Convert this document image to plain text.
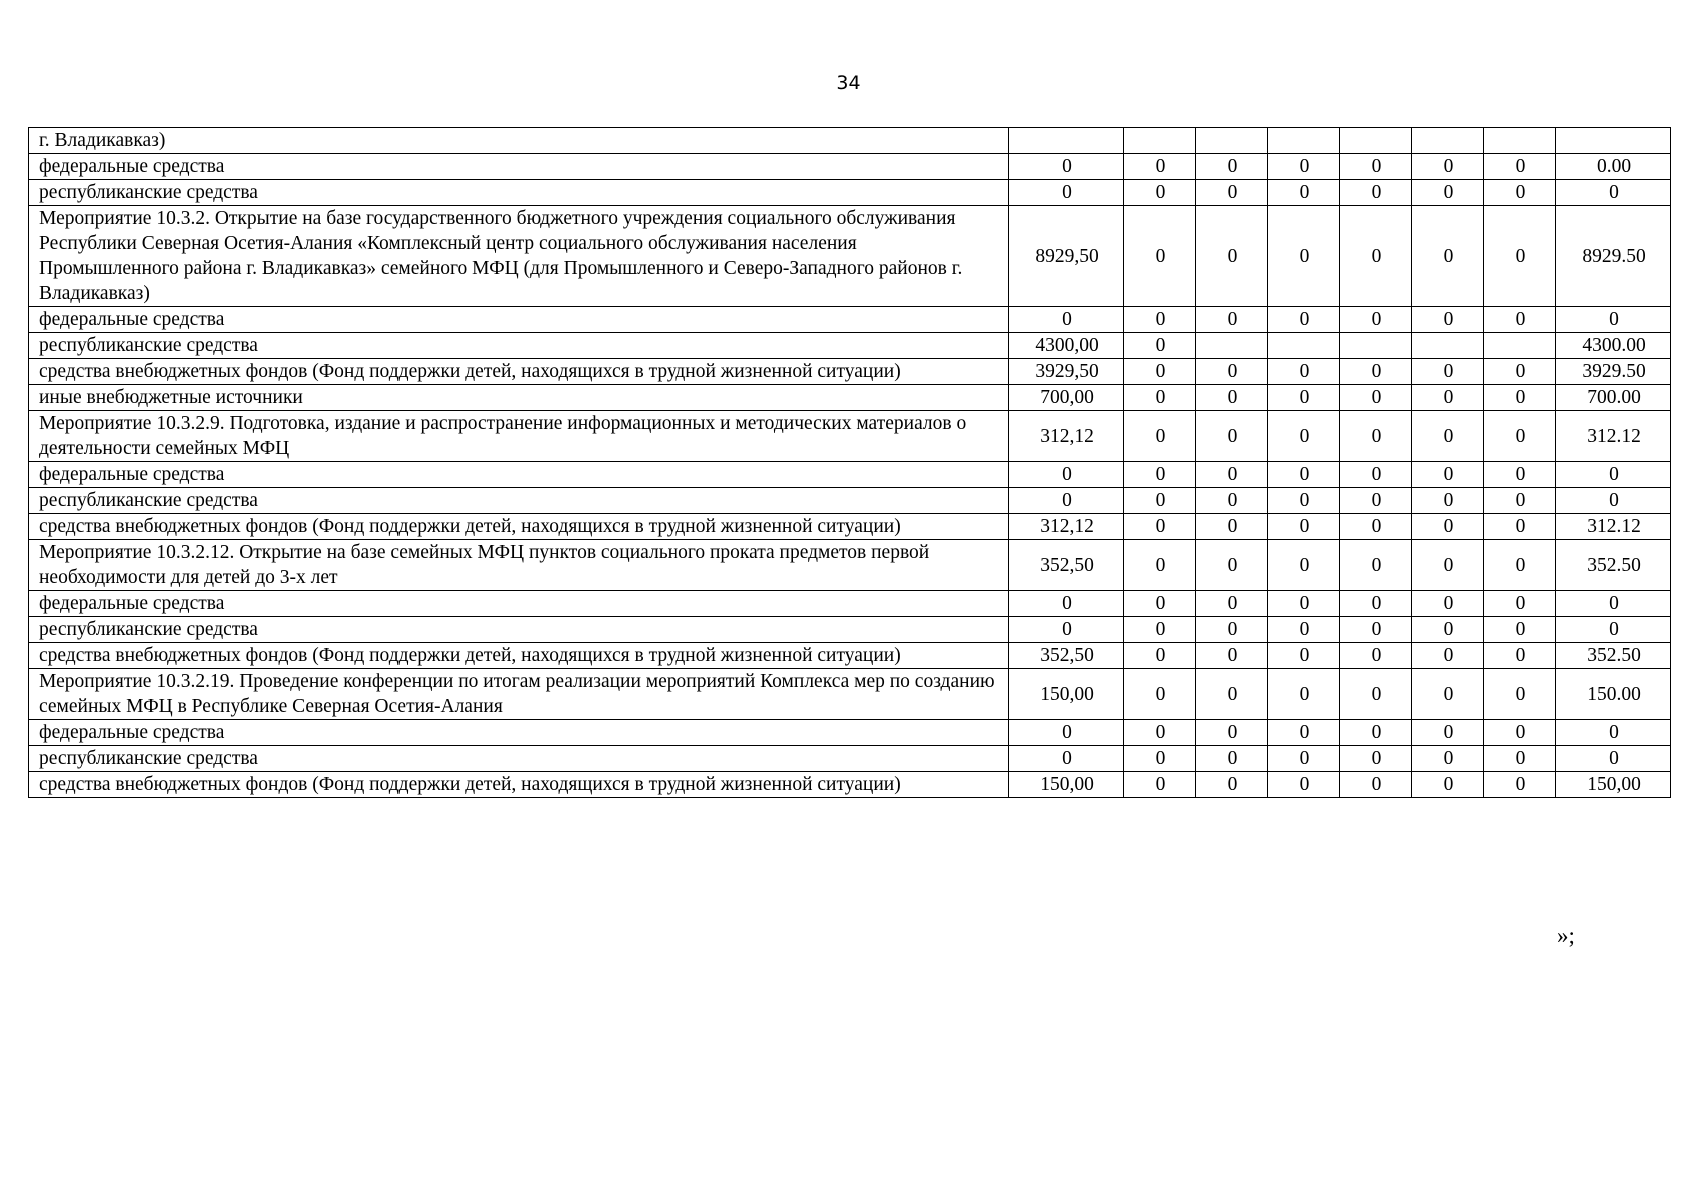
34
г. Владикавказ)								
федеральные средства	0	0	0	0	0	0	0	0.00
республиканские средства	0	0	0	0	0	0	0	0
Мероприятие 10.3.2. Открытие на базе государственного бюджетного учреждения социального обслуживания Республики Северная Осетия-Алания «Комплексный центр социального обслуживания населения Промышленного района г. Владикавказ» семейного МФЦ (для Промышленного и Северо-Западного районов г. Владикавказ)	8929,50	0	0	0	0	0	0	8929.50
федеральные средства	0	0	0	0	0	0	0	0
республиканские средства	4300,00	0						4300.00
средства внебюджетных фондов (Фонд поддержки детей, находящихся в трудной жизненной ситуации)	3929,50	0	0	0	0	0	0	3929.50
иные внебюджетные источники	700,00	0	0	0	0	0	0	700.00
Мероприятие 10.3.2.9. Подготовка, издание и распространение информационных и методических материалов о деятельности семейных МФЦ	312,12	0	0	0	0	0	0	312.12
федеральные средства	0	0	0	0	0	0	0	0
республиканские средства	0	0	0	0	0	0	0	0
средства внебюджетных фондов (Фонд поддержки детей, находящихся в трудной жизненной ситуации)	312,12	0	0	0	0	0	0	312.12
Мероприятие 10.3.2.12. Открытие на базе семейных МФЦ пунктов социального проката предметов первой необходимости для детей до 3-х лет	352,50	0	0	0	0	0	0	352.50
федеральные средства	0	0	0	0	0	0	0	0
республиканские средства	0	0	0	0	0	0	0	0
средства внебюджетных фондов (Фонд поддержки детей, находящихся в трудной жизненной ситуации)	352,50	0	0	0	0	0	0	352.50
Мероприятие 10.3.2.19. Проведение конференции по итогам реализации мероприятий Комплекса мер по созданию семейных МФЦ в Республике Северная Осетия-Алания	150,00	0	0	0	0	0	0	150.00
федеральные средства	0	0	0	0	0	0	0	0
республиканские средства	0	0	0	0	0	0	0	0
средства внебюджетных фондов (Фонд поддержки детей, находящихся в трудной жизненной ситуации)	150,00	0	0	0	0	0	0	150,00
»;
